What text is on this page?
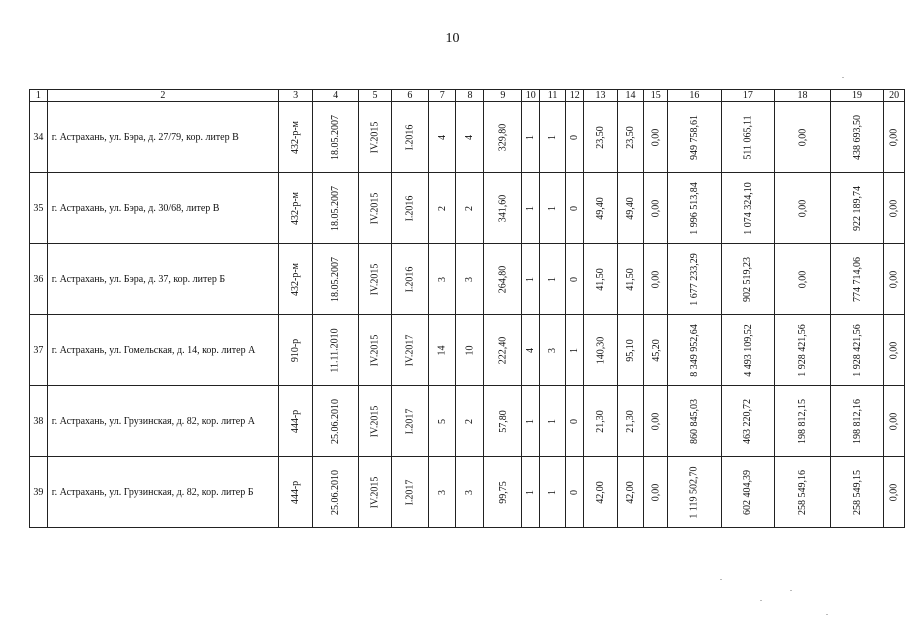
10
1	2	3	4	5	6	7	8	9	10	11	12	13	14	15	16	17	18	19	20
34	г. Астрахань, ул. Бэра, д. 27/79, кор. литер В	432-р-м	18.05.2007	IV.2015	I.2016	4	4	329,80	1	1	0	23,50	23,50	0,00	949 758,61	511 065,11	0,00	438 693,50	0,00
35	г. Астрахань, ул. Бэра, д. 30/68, литер В	432-р-м	18.05.2007	IV.2015	I.2016	2	2	341,60	1	1	0	49,40	49,40	0,00	1 996 513,84	1 074 324,10	0,00	922 189,74	0,00
36	г. Астрахань, ул. Бэра, д. 37, кор. литер Б	432-р-м	18.05.2007	IV.2015	I.2016	3	3	264,80	1	1	0	41,50	41,50	0,00	1 677 233,29	902 519,23	0,00	774 714,06	0,00
37	г. Астрахань, ул. Гомельская, д. 14, кор. литер А	910-р	11.11.2010	IV.2015	IV.2017	14	10	222,40	4	3	1	140,30	95,10	45,20	8 349 952,64	4 493 109,52	1 928 421,56	1 928 421,56	0,00
38	г. Астрахань, ул. Грузинская, д. 82, кор. литер А	444-р	25.06.2010	IV.2015	I.2017	5	2	57,80	1	1	0	21,30	21,30	0,00	860 845,03	463 220,72	198 812,15	198 812,16	0,00
39	г. Астрахань, ул. Грузинская, д. 82, кор. литер Б	444-р	25.06.2010	IV.2015	I.2017	3	3	99,75	1	1	0	42,00	42,00	0,00	1 119 502,70	602 404,39	258 549,16	258 549,15	0,00
